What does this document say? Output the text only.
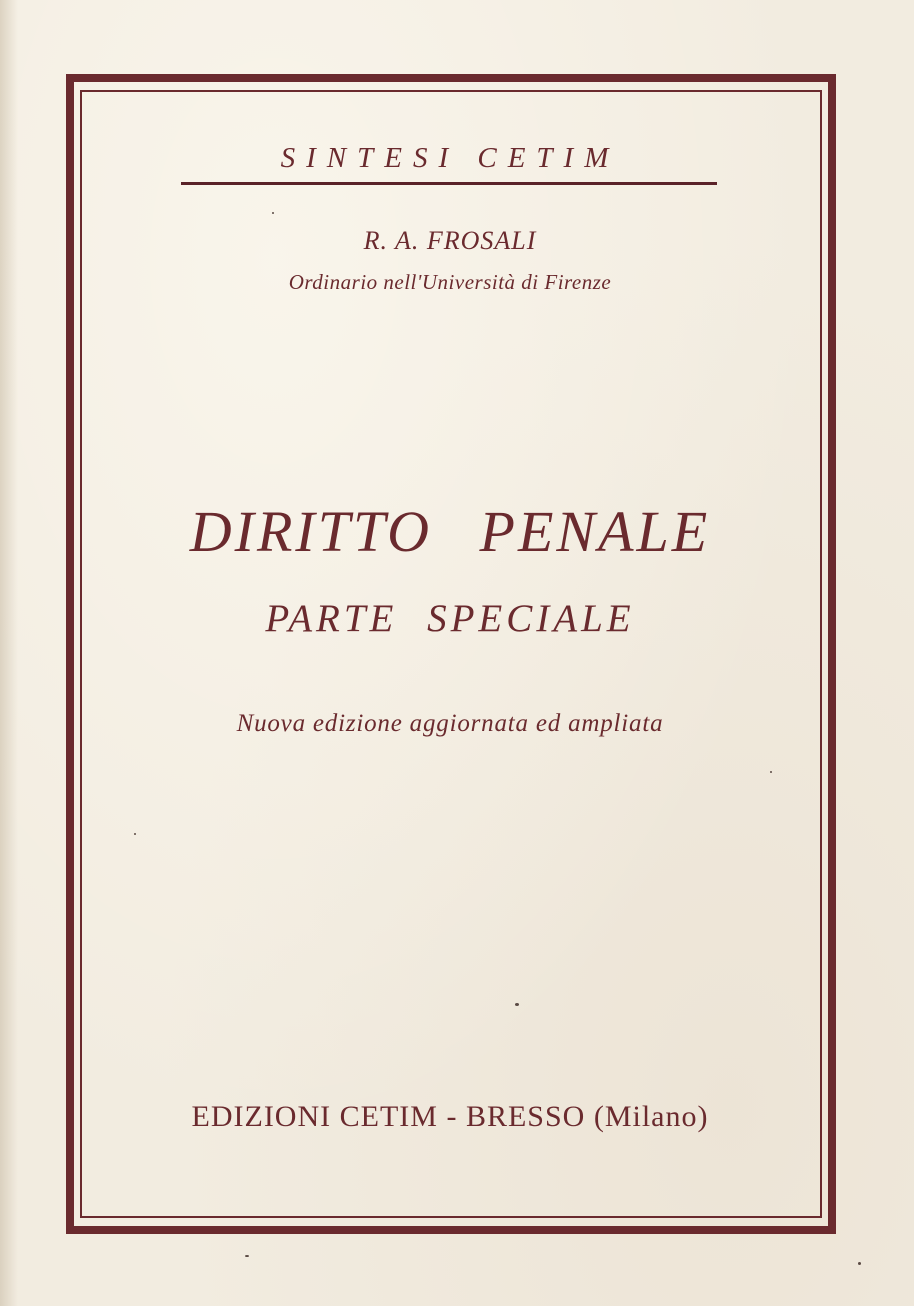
SINTESI CETIM
R. A. FROSALI
Ordinario nell'Università di Firenze
DIRITTO PENALE
PARTE SPECIALE
Nuova edizione aggiornata ed ampliata
EDIZIONI CETIM - BRESSO (Milano)
